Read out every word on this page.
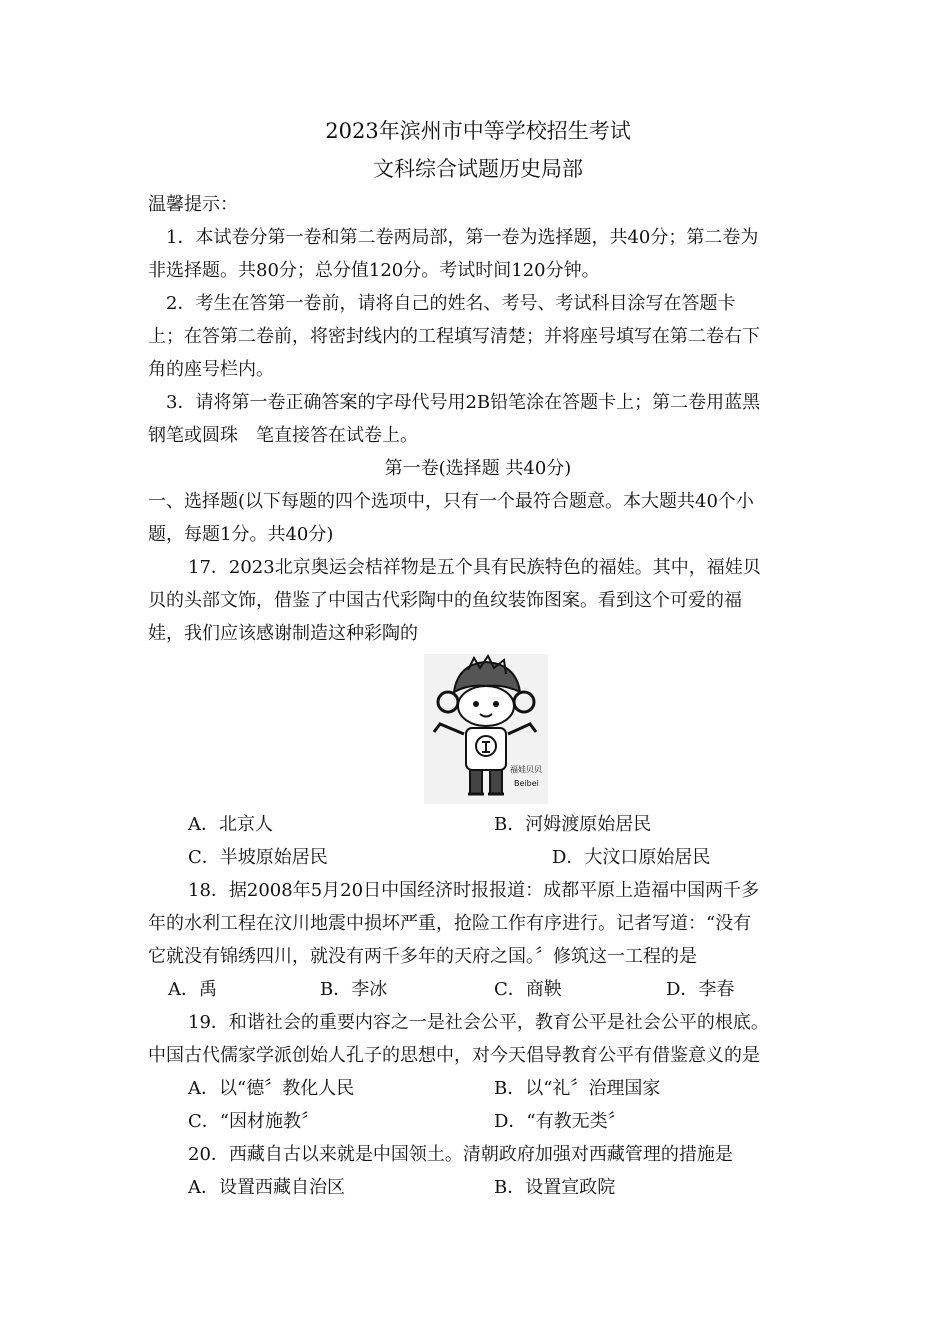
2023年滨州市中等学校招生考试

文科综合试题历史局部

温馨提示：

1．本试卷分第一卷和第二卷两局部，第一卷为选择题，共40分；第二卷为

非选择题。共80分；总分值120分。考试时间120分钟。

2．考生在答第一卷前，请将自己的姓名、考号、考试科目涂写在答题卡

上；在答第二卷前，将密封线内的工程填写清楚；并将座号填写在第二卷右下

角的座号栏内。

3．请将第一卷正确答案的字母代号用2B铅笔涂在答题卡上；第二卷用蓝黑

钢笔或圆珠　笔直接答在试卷上。

第一卷(选择题 共40分)

一、选择题(以下每题的四个选项中，只有一个最符合题意。本大题共40个小

题，每题1分。共40分)

17．2023北京奥运会桔祥物是五个具有民族特色的福娃。其中，福娃贝

贝的头部文饰，借鉴了中国古代彩陶中的鱼纹装饰图案。看到这个可爱的福

娃，我们应该感谢制造这种彩陶的

福娃贝贝
Beibei
A．北京人	B．河姆渡原始居民
C．半坡原始居民	D．大汶口原始居民

18．据2008年5月20日中国经济时报报道：成都平原上造福中国两千多

年的水利工程在汶川地震中损坏严重，抢险工作有序进行。记者写道：“没有

它就没有锦绣四川，就没有两千多年的天府之国。〞修筑这一工程的是

A．禹	B．李冰	C．商鞅	D．李春

19．和谐社会的重要内容之一是社会公平，教育公平是社会公平的根底。

中国古代儒家学派创始人孔子的思想中，对今天倡导教育公平有借鉴意义的是

A．以“德〞教化人民	B．以“礼〞治理国家
C．“因材施教〞	D．“有教无类〞

20．西藏自古以来就是中国领土。清朝政府加强对西藏管理的措施是

A．设置西藏自治区	B．设置宣政院
